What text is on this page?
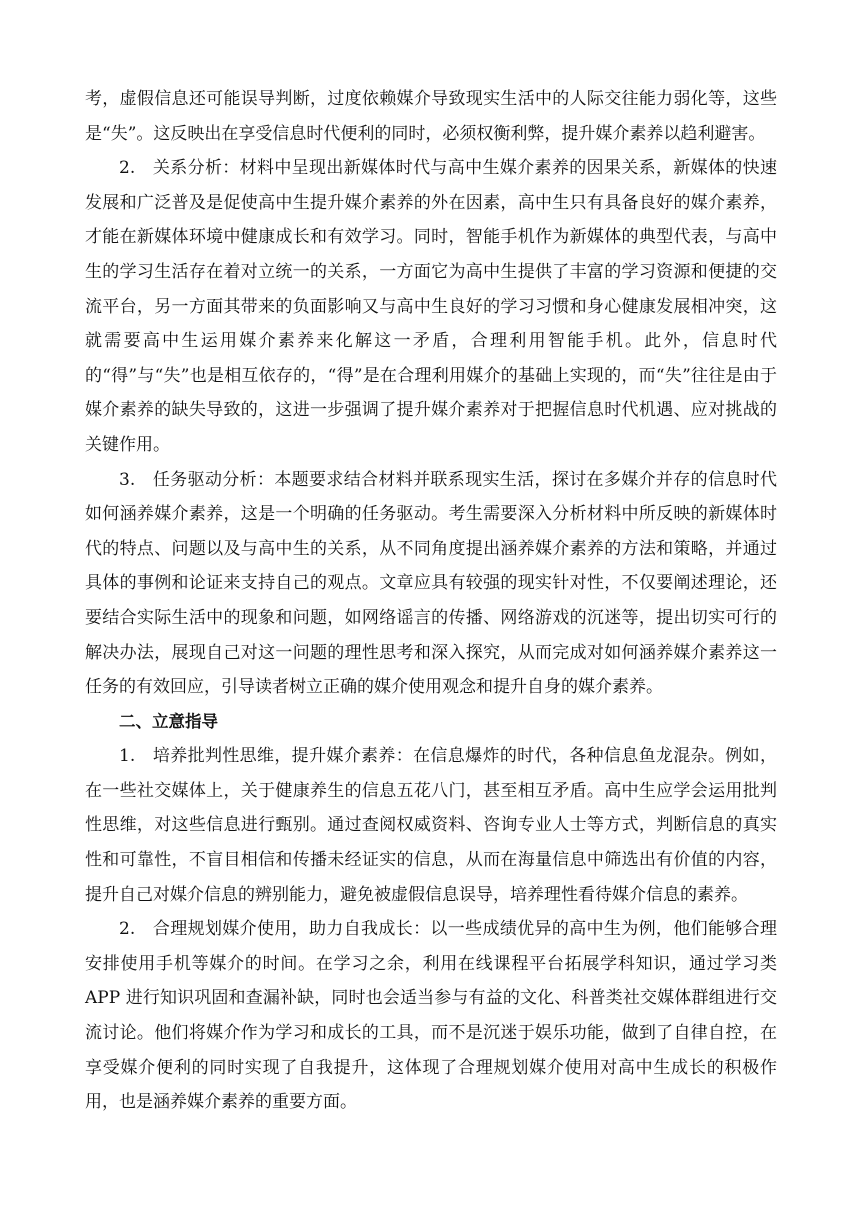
考，虚假信息还可能误导判断，过度依赖媒介导致现实生活中的人际交往能力弱化等，这些是“失”。这反映出在享受信息时代便利的同时，必须权衡利弊，提升媒介素养以趋利避害。

2.　关系分析：材料中呈现出新媒体时代与高中生媒介素养的因果关系，新媒体的快速发展和广泛普及是促使高中生提升媒介素养的外在因素，高中生只有具备良好的媒介素养，才能在新媒体环境中健康成长和有效学习。同时，智能手机作为新媒体的典型代表，与高中生的学习生活存在着对立统一的关系，一方面它为高中生提供了丰富的学习资源和便捷的交流平台，另一方面其带来的负面影响又与高中生良好的学习习惯和身心健康发展相冲突，这就需要高中生运用媒介素养来化解这一矛盾，合理利用智能手机。此外，信息时代的“得”与“失”也是相互依存的，“得”是在合理利用媒介的基础上实现的，而“失”往往是由于媒介素养的缺失导致的，这进一步强调了提升媒介素养对于把握信息时代机遇、应对挑战的关键作用。

3.　任务驱动分析：本题要求结合材料并联系现实生活，探讨在多媒介并存的信息时代如何涵养媒介素养，这是一个明确的任务驱动。考生需要深入分析材料中所反映的新媒体时代的特点、问题以及与高中生的关系，从不同角度提出涵养媒介素养的方法和策略，并通过具体的事例和论证来支持自己的观点。文章应具有较强的现实针对性，不仅要阐述理论，还要结合实际生活中的现象和问题，如网络谣言的传播、网络游戏的沉迷等，提出切实可行的解决办法，展现自己对这一问题的理性思考和深入探究，从而完成对如何涵养媒介素养这一任务的有效回应，引导读者树立正确的媒介使用观念和提升自身的媒介素养。

二、立意指导

1.　培养批判性思维，提升媒介素养：在信息爆炸的时代，各种信息鱼龙混杂。例如，在一些社交媒体上，关于健康养生的信息五花八门，甚至相互矛盾。高中生应学会运用批判性思维，对这些信息进行甄别。通过查阅权威资料、咨询专业人士等方式，判断信息的真实性和可靠性，不盲目相信和传播未经证实的信息，从而在海量信息中筛选出有价值的内容，提升自己对媒介信息的辨别能力，避免被虚假信息误导，培养理性看待媒介信息的素养。

2.　合理规划媒介使用，助力自我成长：以一些成绩优异的高中生为例，他们能够合理安排使用手机等媒介的时间。在学习之余，利用在线课程平台拓展学科知识，通过学习类 APP 进行知识巩固和查漏补缺，同时也会适当参与有益的文化、科普类社交媒体群组进行交流讨论。他们将媒介作为学习和成长的工具，而不是沉迷于娱乐功能，做到了自律自控，在享受媒介便利的同时实现了自我提升，这体现了合理规划媒介使用对高中生成长的积极作用，也是涵养媒介素养的重要方面。
